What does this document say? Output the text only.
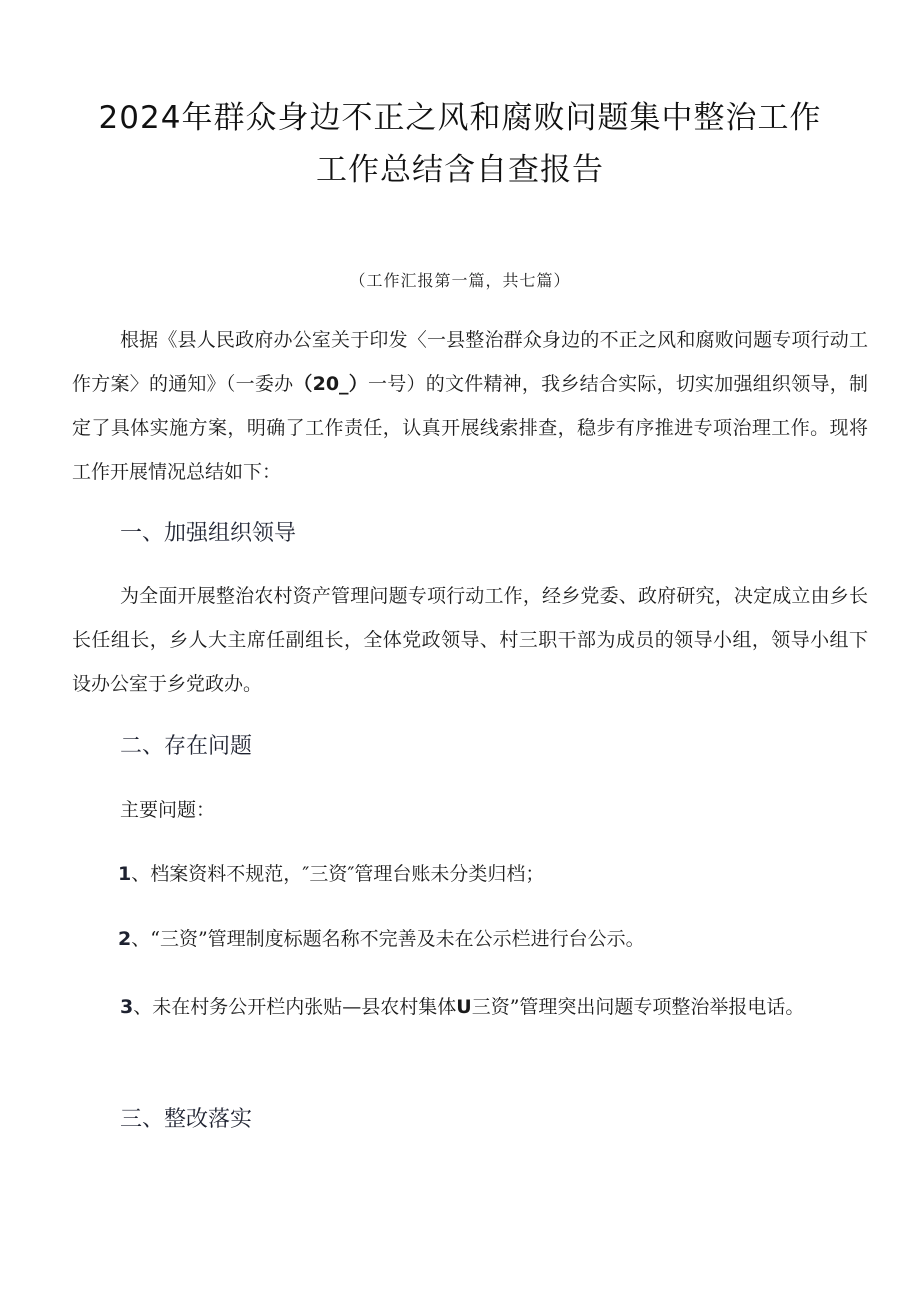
2024年群众身边不正之风和腐败问题集中整治工作
工作总结含自查报告
（工作汇报第一篇，共七篇）

根据《县人民政府办公室关于印发〈一县整治群众身边的不正之风和腐败问题专项行动工作方案〉的通知》（一委办（20_）一号）的文件精神，我乡结合实际，切实加强组织领导，制定了具体实施方案，明确了工作责任，认真开展线索排查，稳步有序推进专项治理工作。现将工作开展情况总结如下：

一、加强组织领导

为全面开展整治农村资产管理问题专项行动工作，经乡党委、政府研究，决定成立由乡长长任组长，乡人大主席任副组长，全体党政领导、村三职干部为成员的领导小组，领导小组下设办公室于乡党政办。

二、存在问题
主要问题：
1、档案资料不规范，″三资″管理台账未分类归档；
2、“三资”管理制度标题名称不完善及未在公示栏进行台公示。

3、未在村务公开栏内张贴—县农村集体U三资”管理突出问题专项整治举报电话。

三、整改落实
